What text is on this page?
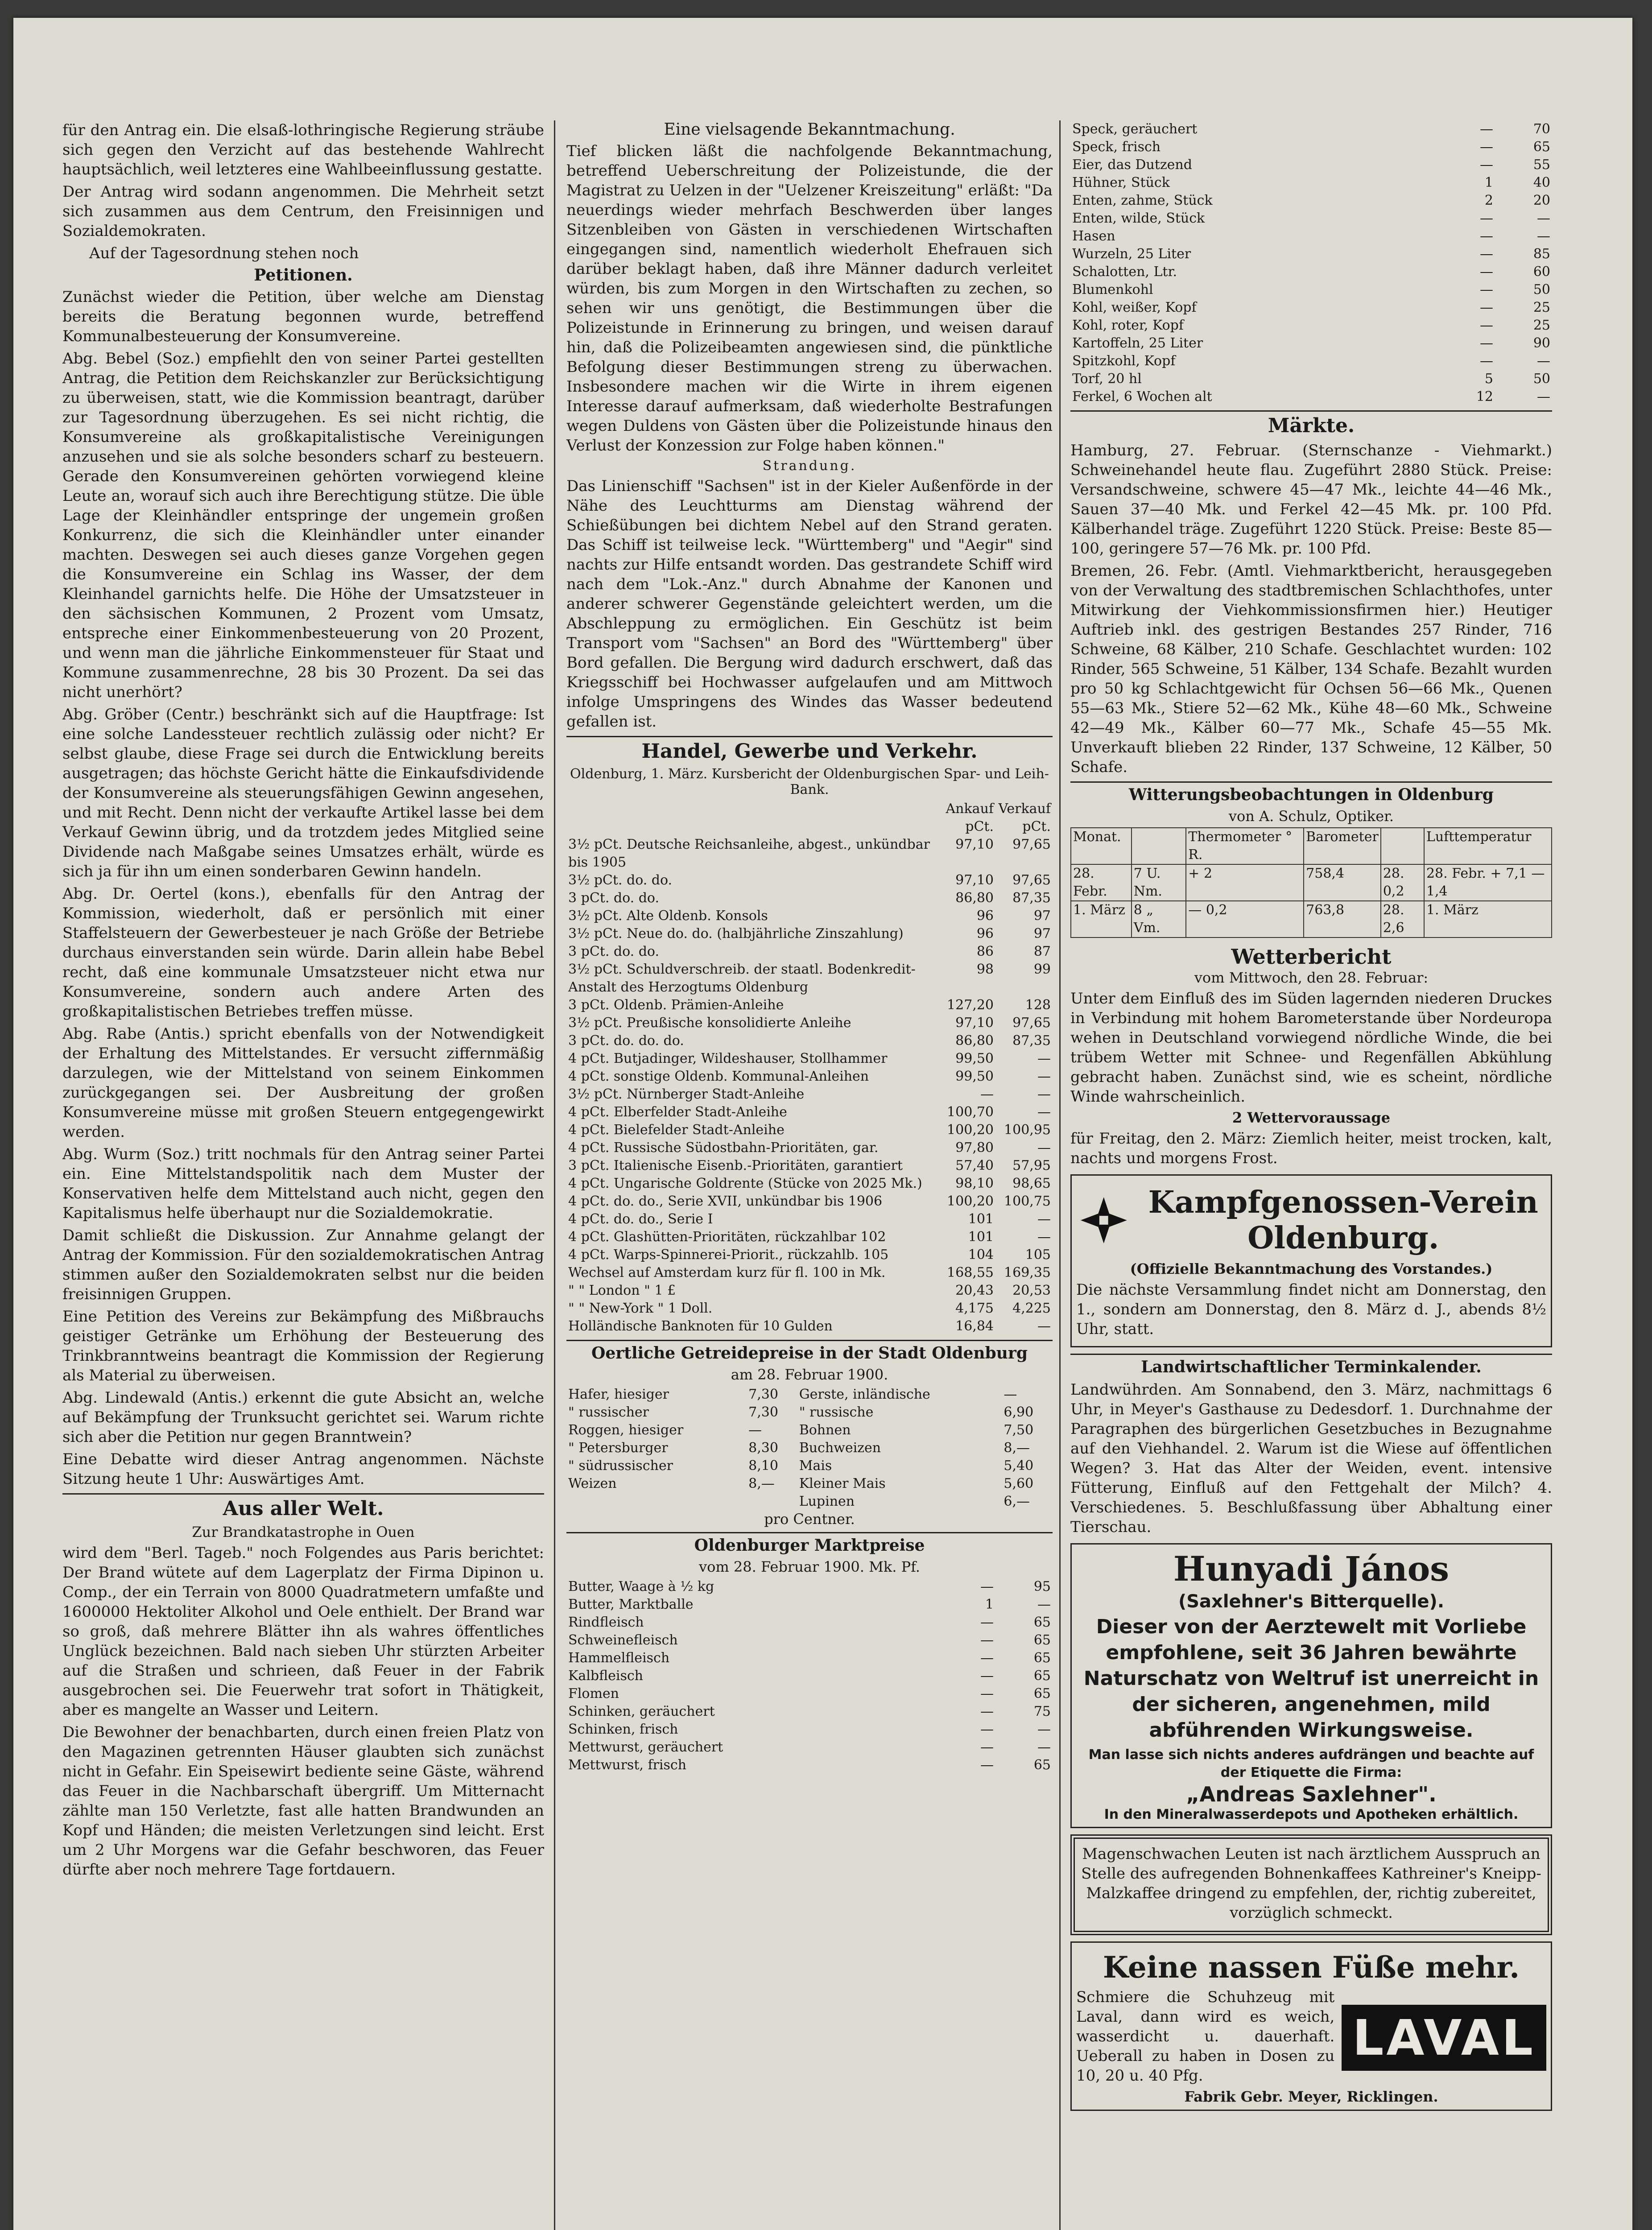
für den Antrag ein. Die elsaß-lothringische Regierung sträube sich gegen den Verzicht auf das bestehende Wahlrecht hauptsächlich, weil letzteres eine Wahlbeeinflussung gestatte.

Der Antrag wird sodann angenommen. Die Mehrheit setzt sich zusammen aus dem Centrum, den Freisinnigen und Sozialdemokraten.

Auf der Tagesordnung stehen noch

Petitionen.

Zunächst wieder die Petition, über welche am Dienstag bereits die Beratung begonnen wurde, betreffend Kommunalbesteuerung der Konsumvereine.

Abg. Bebel (Soz.) empfiehlt den von seiner Partei gestellten Antrag, die Petition dem Reichskanzler zur Berücksichtigung zu überweisen, statt, wie die Kommission beantragt, darüber zur Tagesordnung überzugehen. Es sei nicht richtig, die Konsumvereine als großkapitalistische Vereinigungen anzusehen und sie als solche besonders scharf zu besteuern. Gerade den Konsumvereinen gehörten vorwiegend kleine Leute an, worauf sich auch ihre Berechtigung stütze. Die üble Lage der Kleinhändler entspringe der ungemein großen Konkurrenz, die sich die Kleinhändler unter einander machten. Deswegen sei auch dieses ganze Vorgehen gegen die Konsumvereine ein Schlag ins Wasser, der dem Kleinhandel garnichts helfe. Die Höhe der Umsatzsteuer in den sächsischen Kommunen, 2 Prozent vom Umsatz, entspreche einer Einkommenbesteuerung von 20 Prozent, und wenn man die jährliche Einkommensteuer für Staat und Kommune zusammenrechne, 28 bis 30 Prozent. Da sei das nicht unerhört?

Abg. Gröber (Centr.) beschränkt sich auf die Hauptfrage: Ist eine solche Landessteuer rechtlich zulässig oder nicht? Er selbst glaube, diese Frage sei durch die Entwicklung bereits ausgetragen; das höchste Gericht hätte die Einkaufsdividende der Konsumvereine als steuerungsfähigen Gewinn angesehen, und mit Recht. Denn nicht der verkaufte Artikel lasse bei dem Verkauf Gewinn übrig, und da trotzdem jedes Mitglied seine Dividende nach Maßgabe seines Umsatzes erhält, würde es sich ja für ihn um einen sonderbaren Gewinn handeln.

Abg. Dr. Oertel (kons.), ebenfalls für den Antrag der Kommission, wiederholt, daß er persönlich mit einer Staffelsteuern der Gewerbesteuer je nach Größe der Betriebe durchaus einverstanden sein würde. Darin allein habe Bebel recht, daß eine kommunale Umsatzsteuer nicht etwa nur Konsumvereine, sondern auch andere Arten des großkapitalistischen Betriebes treffen müsse.

Abg. Rabe (Antis.) spricht ebenfalls von der Notwendigkeit der Erhaltung des Mittelstandes. Er versucht ziffernmäßig darzulegen, wie der Mittelstand von seinem Einkommen zurückgegangen sei. Der Ausbreitung der großen Konsumvereine müsse mit großen Steuern entgegengewirkt werden.

Abg. Wurm (Soz.) tritt nochmals für den Antrag seiner Partei ein. Eine Mittelstandspolitik nach dem Muster der Konservativen helfe dem Mittelstand auch nicht, gegen den Kapitalismus helfe überhaupt nur die Sozialdemokratie.

Damit schließt die Diskussion. Zur Annahme gelangt der Antrag der Kommission. Für den sozialdemokratischen Antrag stimmen außer den Sozialdemokraten selbst nur die beiden freisinnigen Gruppen.

Eine Petition des Vereins zur Bekämpfung des Mißbrauchs geistiger Getränke um Erhöhung der Besteuerung des Trinkbranntweins beantragt die Kommission der Regierung als Material zu überweisen.

Abg. Lindewald (Antis.) erkennt die gute Absicht an, welche auf Bekämpfung der Trunksucht gerichtet sei. Warum richte sich aber die Petition nur gegen Branntwein?

Eine Debatte wird dieser Antrag angenommen. Nächste Sitzung heute 1 Uhr: Auswärtiges Amt.

Aus aller Welt.
Zur Brandkatastrophe in Ouen

wird dem "Berl. Tageb." noch Folgendes aus Paris berichtet: Der Brand wütete auf dem Lagerplatz der Firma Dipinon u. Comp., der ein Terrain von 8000 Quadratmetern umfaßte und 1600000 Hektoliter Alkohol und Oele enthielt. Der Brand war so groß, daß mehrere Blätter ihn als wahres öffentliches Unglück bezeichnen. Bald nach sieben Uhr stürzten Arbeiter auf die Straßen und schrieen, daß Feuer in der Fabrik ausgebrochen sei. Die Feuerwehr trat sofort in Thätigkeit, aber es mangelte an Wasser und Leitern.

Die Bewohner der benachbarten, durch einen freien Platz von den Magazinen getrennten Häuser glaubten sich zunächst nicht in Gefahr. Ein Speisewirt bediente seine Gäste, während das Feuer in die Nachbarschaft übergriff. Um Mitternacht zählte man 150 Verletzte, fast alle hatten Brandwunden an Kopf und Händen; die meisten Verletzungen sind leicht. Erst um 2 Uhr Morgens war die Gefahr beschworen, das Feuer dürfte aber noch mehrere Tage fortdauern.

Eine vielsagende Bekanntmachung.

Tief blicken läßt die nachfolgende Bekanntmachung, betreffend Ueberschreitung der Polizeistunde, die der Magistrat zu Uelzen in der "Uelzener Kreiszeitung" erläßt: "Da neuerdings wieder mehrfach Beschwerden über langes Sitzenbleiben von Gästen in verschiedenen Wirtschaften eingegangen sind, namentlich wiederholt Ehefrauen sich darüber beklagt haben, daß ihre Männer dadurch verleitet würden, bis zum Morgen in den Wirtschaften zu zechen, so sehen wir uns genötigt, die Bestimmungen über die Polizeistunde in Erinnerung zu bringen, und weisen darauf hin, daß die Polizeibeamten angewiesen sind, die pünktliche Befolgung dieser Bestimmungen streng zu überwachen. Insbesondere machen wir die Wirte in ihrem eigenen Interesse darauf aufmerksam, daß wiederholte Bestrafungen wegen Duldens von Gästen über die Polizeistunde hinaus den Verlust der Konzession zur Folge haben können."

Strandung.

Das Linienschiff "Sachsen" ist in der Kieler Außenförde in der Nähe des Leuchtturms am Dienstag während der Schießübungen bei dichtem Nebel auf den Strand geraten. Das Schiff ist teilweise leck. "Württemberg" und "Aegir" sind nachts zur Hilfe entsandt worden. Das gestrandete Schiff wird nach dem "Lok.-Anz." durch Abnahme der Kanonen und anderer schwerer Gegenstände geleichtert werden, um die Abschleppung zu ermöglichen. Ein Geschütz ist beim Transport vom "Sachsen" an Bord des "Württemberg" über Bord gefallen. Die Bergung wird dadurch erschwert, daß das Kriegsschiff bei Hochwasser aufgelaufen und am Mittwoch infolge Umspringens des Windes das Wasser bedeutend gefallen ist.

Handel, Gewerbe und Verkehr.
Oldenburg, 1. März. Kursbericht der Oldenburgischen Spar- und Leih-Bank.
	Ankauf pCt.	Verkauf pCt.
3½ pCt. Deutsche Reichsanleihe, abgest., unkündbar bis 1905	97,10	97,65
3½ pCt. do. do.	97,10	97,65
3 pCt. do. do.	86,80	87,35
3½ pCt. Alte Oldenb. Konsols	96	97
3½ pCt. Neue do. do. (halbjährliche Zinszahlung)	96	97
3 pCt. do. do.	86	87
3½ pCt. Schuldverschreib. der staatl. Bodenkredit-Anstalt des Herzogtums Oldenburg	98	99
3 pCt. Oldenb. Prämien-Anleihe	127,20	128
3½ pCt. Preußische konsolidierte Anleihe	97,10	97,65
3 pCt. do. do. do.	86,80	87,35
4 pCt. Butjadinger, Wildeshauser, Stollhammer	99,50	—
4 pCt. sonstige Oldenb. Kommunal-Anleihen	99,50	—
3½ pCt. Nürnberger Stadt-Anleihe	—	—
4 pCt. Elberfelder Stadt-Anleihe	100,70	—
4 pCt. Bielefelder Stadt-Anleihe	100,20	100,95
4 pCt. Russische Südostbahn-Prioritäten, gar.	97,80	—
3 pCt. Italienische Eisenb.-Prioritäten, garantiert	57,40	57,95
4 pCt. Ungarische Goldrente (Stücke von 2025 Mk.)	98,10	98,65
4 pCt. do. do., Serie XVII, unkündbar bis 1906	100,20	100,75
4 pCt. do. do., Serie I	101	—
4 pCt. Glashütten-Prioritäten, rückzahlbar 102	101	—
4 pCt. Warps-Spinnerei-Priorit., rückzahlb. 105	104	105
Wechsel auf Amsterdam kurz für fl. 100 in Mk.	168,55	169,35
" " London " 1 £	20,43	20,53
" " New-York " 1 Doll.	4,175	4,225
Holländische Banknoten für 10 Gulden	16,84	—
Oertliche Getreidepreise in der Stadt Oldenburg
am 28. Februar 1900.
Hafer, hiesiger	7,30	Gerste, inländische	—
" russischer	7,30	" russische	6,90
Roggen, hiesiger	—	Bohnen	7,50
" Petersburger	8,30	Buchweizen	8,—
" südrussischer	8,10	Mais	5,40
Weizen	8,—	Kleiner Mais	5,60
		Lupinen	6,—
pro Centner.
Oldenburger Marktpreise
vom 28. Februar 1900. Mk. Pf.
Butter, Waage à ½ kg	—	95
Butter, Marktballe	1	—
Rindfleisch	—	65
Schweinefleisch	—	65
Hammelfleisch	—	65
Kalbfleisch	—	65
Flomen	—	65
Schinken, geräuchert	—	75
Schinken, frisch	—	—
Mettwurst, geräuchert	—	—
Mettwurst, frisch	—	65
Speck, geräuchert	—	70
Speck, frisch	—	65
Eier, das Dutzend	—	55
Hühner, Stück	1	40
Enten, zahme, Stück	2	20
Enten, wilde, Stück	—	—
Hasen	—	—
Wurzeln, 25 Liter	—	85
Schalotten, Ltr.	—	60
Blumenkohl	—	50
Kohl, weißer, Kopf	—	25
Kohl, roter, Kopf	—	25
Kartoffeln, 25 Liter	—	90
Spitzkohl, Kopf	—	—
Torf, 20 hl	5	50
Ferkel, 6 Wochen alt	12	—
Märkte.

Hamburg, 27. Februar. (Sternschanze - Viehmarkt.) Schweinehandel heute flau. Zugeführt 2880 Stück. Preise: Versandschweine, schwere 45—47 Mk., leichte 44—46 Mk., Sauen 37—40 Mk. und Ferkel 42—45 Mk. pr. 100 Pfd. Kälberhandel träge. Zugeführt 1220 Stück. Preise: Beste 85—100, geringere 57—76 Mk. pr. 100 Pfd.

Bremen, 26. Febr. (Amtl. Viehmarktbericht, herausgegeben von der Verwaltung des stadtbremischen Schlachthofes, unter Mitwirkung der Viehkommissionsfirmen hier.) Heutiger Auftrieb inkl. des gestrigen Bestandes 257 Rinder, 716 Schweine, 68 Kälber, 210 Schafe. Geschlachtet wurden: 102 Rinder, 565 Schweine, 51 Kälber, 134 Schafe. Bezahlt wurden pro 50 kg Schlachtgewicht für Ochsen 56—66 Mk., Quenen 55—63 Mk., Stiere 52—62 Mk., Kühe 48—60 Mk., Schweine 42—49 Mk., Kälber 60—77 Mk., Schafe 45—55 Mk. Unverkauft blieben 22 Rinder, 137 Schweine, 12 Kälber, 50 Schafe.

Witterungsbeobachtungen in Oldenburg
von A. Schulz, Optiker.
Monat.		Thermometer ° R.	Barometer		Lufttemperatur
28. Febr.	7 U. Nm.	+ 2	758,4	28. 0,2	28. Febr. + 7,1 — 1,4
1. März	8 „ Vm.	— 0,2	763,8	28. 2,6	1. März
Wetterbericht
vom Mittwoch, den 28. Februar:

Unter dem Einfluß des im Süden lagernden niederen Druckes in Verbindung mit hohem Barometerstande über Nordeuropa wehen in Deutschland vorwiegend nördliche Winde, die bei trübem Wetter mit Schnee- und Regenfällen Abkühlung gebracht haben. Zunächst sind, wie es scheint, nördliche Winde wahrscheinlich.

2 Wettervoraussage

für Freitag, den 2. März: Ziemlich heiter, meist trocken, kalt, nachts und morgens Frost.

Kampfgenossen-Verein Oldenburg.
(Offizielle Bekanntmachung des Vorstandes.)

Die nächste Versammlung findet nicht am Donnerstag, den 1., sondern am Donnerstag, den 8. März d. J., abends 8½ Uhr, statt.

Landwirtschaftlicher Terminkalender.

Landwührden. Am Sonnabend, den 3. März, nachmittags 6 Uhr, in Meyer's Gasthause zu Dedesdorf. 1. Durchnahme der Paragraphen des bürgerlichen Gesetzbuches in Bezugnahme auf den Viehhandel. 2. Warum ist die Wiese auf öffentlichen Wegen? 3. Hat das Alter der Weiden, event. intensive Fütterung, Einfluß auf den Fettgehalt der Milch? 4. Verschiedenes. 5. Beschlußfassung über Abhaltung einer Tierschau.

Hunyadi János
(Saxlehner's Bitterquelle).
Dieser von der Aerztewelt mit Vorliebe empfohlene, seit 36 Jahren bewährte Naturschatz von Weltruf ist unerreicht in der sicheren, angenehmen, mild abführenden Wirkungsweise.
Man lasse sich nichts anderes aufdrängen und beachte auf der Etiquette die Firma:
„Andreas Saxlehner".
In den Mineralwasserdepots und Apotheken erhältlich.

Magenschwachen Leuten ist nach ärztlichem Ausspruch an Stelle des aufregenden Bohnenkaffees Kathreiner's Kneipp-Malzkaffee dringend zu empfehlen, der, richtig zubereitet, vorzüglich schmeckt.

Keine nassen Füße mehr.

Schmiere die Schuhzeug mit Laval, dann wird es weich, wasserdicht u. dauerhaft. Ueberall zu haben in Dosen zu 10, 20 u. 40 Pfg.

LAVAL
Fabrik Gebr. Meyer, Ricklingen.
